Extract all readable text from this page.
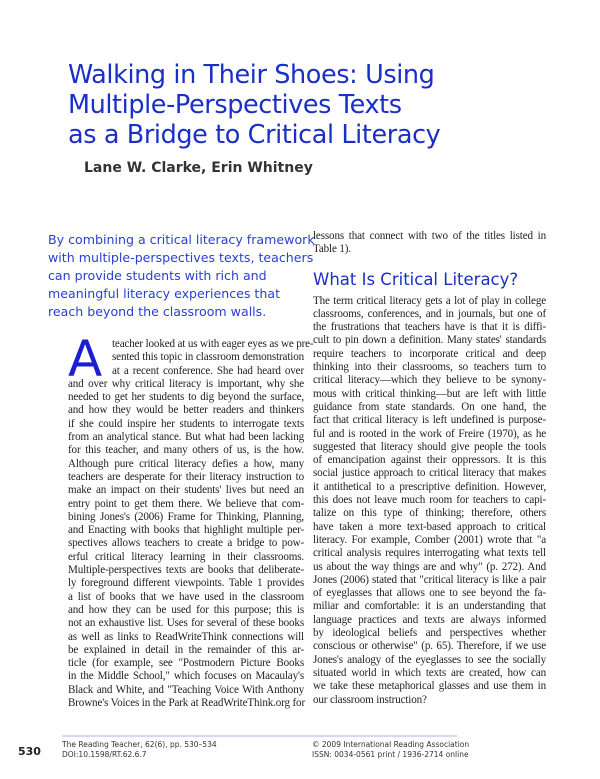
Walking in Their Shoes: Using
Multiple-Perspectives Texts
as a Bridge to Critical Literacy
Lane W. Clarke, Erin Whitney
By combining a critical literacy framework
with multiple-perspectives texts, teachers
can provide students with rich and
meaningful literacy experiences that
reach beyond the classroom walls.
A teacher looked at us with eager eyes as we pre-
sented this topic in classroom demonstration
at a recent conference. She had heard over
and over why critical literacy is important, why she
needed to get her students to dig beyond the surface,
and how they would be better readers and thinkers
if she could inspire her students to interrogate texts
from an analytical stance. But what had been lacking
for this teacher, and many others of us, is the how.
Although pure critical literacy defies a how, many
teachers are desperate for their literacy instruction to
make an impact on their students' lives but need an
entry point to get them there. We believe that com-
bining Jones's (2006) Frame for Thinking, Planning,
and Enacting with books that highlight multiple per-
spectives allows teachers to create a bridge to pow-
erful critical literacy learning in their classrooms.
Multiple-perspectives texts are books that deliberate-
ly foreground different viewpoints. Table 1 provides
a list of books that we have used in the classroom
and how they can be used for this purpose; this is
not an exhaustive list. Uses for several of these books
as well as links to ReadWriteThink connections will
be explained in detail in the remainder of this ar-
ticle (for example, see "Postmodern Picture Books
in the Middle School," which focuses on Macaulay's
Black and White, and "Teaching Voice With Anthony
Browne's Voices in the Park at ReadWriteThink.org for
lessons that connect with two of the titles listed in
Table 1).
What Is Critical Literacy?
The term critical literacy gets a lot of play in college
classrooms, conferences, and in journals, but one of
the frustrations that teachers have is that it is diffi-
cult to pin down a definition. Many states' standards
require teachers to incorporate critical and deep
thinking into their classrooms, so teachers turn to
critical literacy—which they believe to be synony-
mous with critical thinking—but are left with little
guidance from state standards. On one hand, the
fact that critical literacy is left undefined is purpose-
ful and is rooted in the work of Freire (1970), as he
suggested that literacy should give people the tools
of emancipation against their oppressors. It is this
social justice approach to critical literacy that makes
it antithetical to a prescriptive definition. However,
this does not leave much room for teachers to capi-
talize on this type of thinking; therefore, others
have taken a more text-based approach to critical
literacy. For example, Comber (2001) wrote that "a
critical analysis requires interrogating what texts tell
us about the way things are and why" (p. 272). And
Jones (2006) stated that "critical literacy is like a pair
of eyeglasses that allows one to see beyond the fa-
miliar and comfortable: it is an understanding that
language practices and texts are always informed
by ideological beliefs and perspectives whether
conscious or otherwise" (p. 65). Therefore, if we use
Jones's analogy of the eyeglasses to see the socially
situated world in which texts are created, how can
we take these metaphorical glasses and use them in
our classroom instruction?
530
The Reading Teacher, 62(6), pp. 530–534
DOI:10.1598/RT.62.6.7
© 2009 International Reading Association
ISSN: 0034-0561 print / 1936-2714 online
